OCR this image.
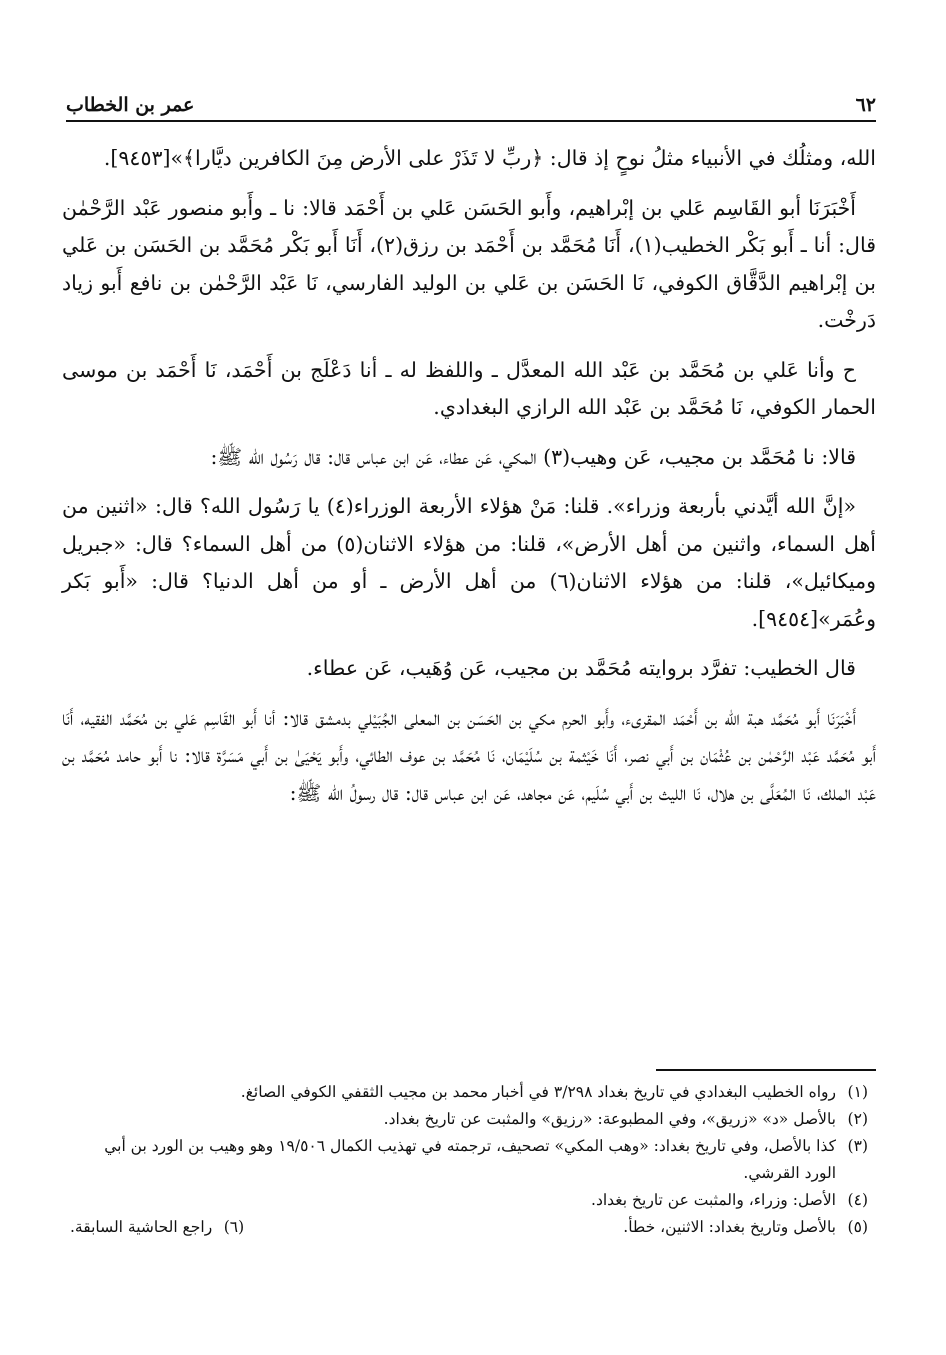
٦٢
عمر بن الخطاب

الله، ومثلُك في الأنبياء مثلُ نوحٍ إذ قال: ﴿ربِّ لا تَذَرْ على الأرض مِنَ الكافرين ديَّارا﴾»[٩٤٥٣].

أَخْبَرَنَا أبو القَاسِم عَلي بن إبْراهيم، وأَبو الحَسَن عَلي بن أَحْمَد قالا: نا ـ وأَبو منصور عَبْد الرَّحْمٰن قال: أنا ـ أَبو بَكْر الخطيب(١)، أَنَا مُحَمَّد بن أَحْمَد بن رزق(٢)، أَنَا أَبو بَكْر مُحَمَّد بن الحَسَن بن عَلي بن إبْراهيم الدَّقَّاق الكوفي، نَا الحَسَن بن عَلي بن الوليد الفارسي، نَا عَبْد الرَّحْمٰن بن نافع أَبو زياد دَرخْت.

ح وأنا عَلي بن مُحَمَّد بن عَبْد الله المعدَّل ـ واللفظ له ـ أنا دَعْلَج بن أَحْمَد، نَا أَحْمَد بن موسى الحمار الكوفي، نَا مُحَمَّد بن عَبْد الله الرازي البغدادي.

قالا: نا مُحَمَّد بن مجيب، عَن وهيب(٣) المكي، عَن عطاء، عَن ابن عباس قال: قال رَسُول الله ﷺ:

«إنَّ الله أيَّدني بأربعة وزراء». قلنا: مَنْ هؤلاء الأربعة الوزراء(٤) يا رَسُول الله؟ قال: «اثنين من أهل السماء، واثنين من أهل الأرض»، قلنا: من هؤلاء الاثنان(٥) من أهل السماء؟ قال: «جبريل وميكائيل»، قلنا: من هؤلاء الاثنان(٦) من أهل الأرض ـ أو من أهل الدنيا؟ قال: «أَبو بَكر وعُمَر»[٩٤٥٤].

قال الخطيب: تفرَّد بروايته مُحَمَّد بن مجيب، عَن وُهَيب، عَن عطاء.

أَخْبَرَنَا أَبو مُحَمَّد هبة الله بن أَحْمَد المقرىء، وأَبو الحرم مكي بن الحَسَن بن المعلى الجُبَيْلي بدمشق قالا: أنا أَبو القَاسِم عَلي بن مُحَمَّد الفقيه، أَنَا أَبو مُحَمَّد عَبْد الرَّحْمٰن بن عُثْمَان بن أَبي نصر، أَنَا خَيْثمة بن سُلَيْمَان، نَا مُحَمَّد بن عوف الطائي، وأَبو يَحْيَىٰ بن أَبي مَسَرَّة قالا: نا أَبو حامد مُحَمَّد بن عَبْد الملك، نَا المُعَلَّى بن هلال، نَا الليث بن أَبي سُلَيم، عَن مجاهد، عَن ابن عباس قال: قال رسولُ الله ﷺ:

(١)
رواه الخطيب البغدادي في تاريخ بغداد ٣/٢٩٨ في أخبار محمد بن مجيب الثقفي الكوفي الصائغ.
(٢)
بالأصل «د» «زريق»، وفي المطبوعة: «رزيق» والمثبت عن تاريخ بغداد.
(٣)
كذا بالأصل، وفي تاريخ بغداد: «وهب المكي» تصحيف، ترجمته في تهذيب الكمال ١٩/٥٠٦ وهو وهيب بن الورد بن أبي الورد القرشي.
(٤)
الأصل: وزراء، والمثبت عن تاريخ بغداد.
(٥)
بالأصل وتاريخ بغداد: الاثنين، خطأ.
(٦)
راجع الحاشية السابقة.
